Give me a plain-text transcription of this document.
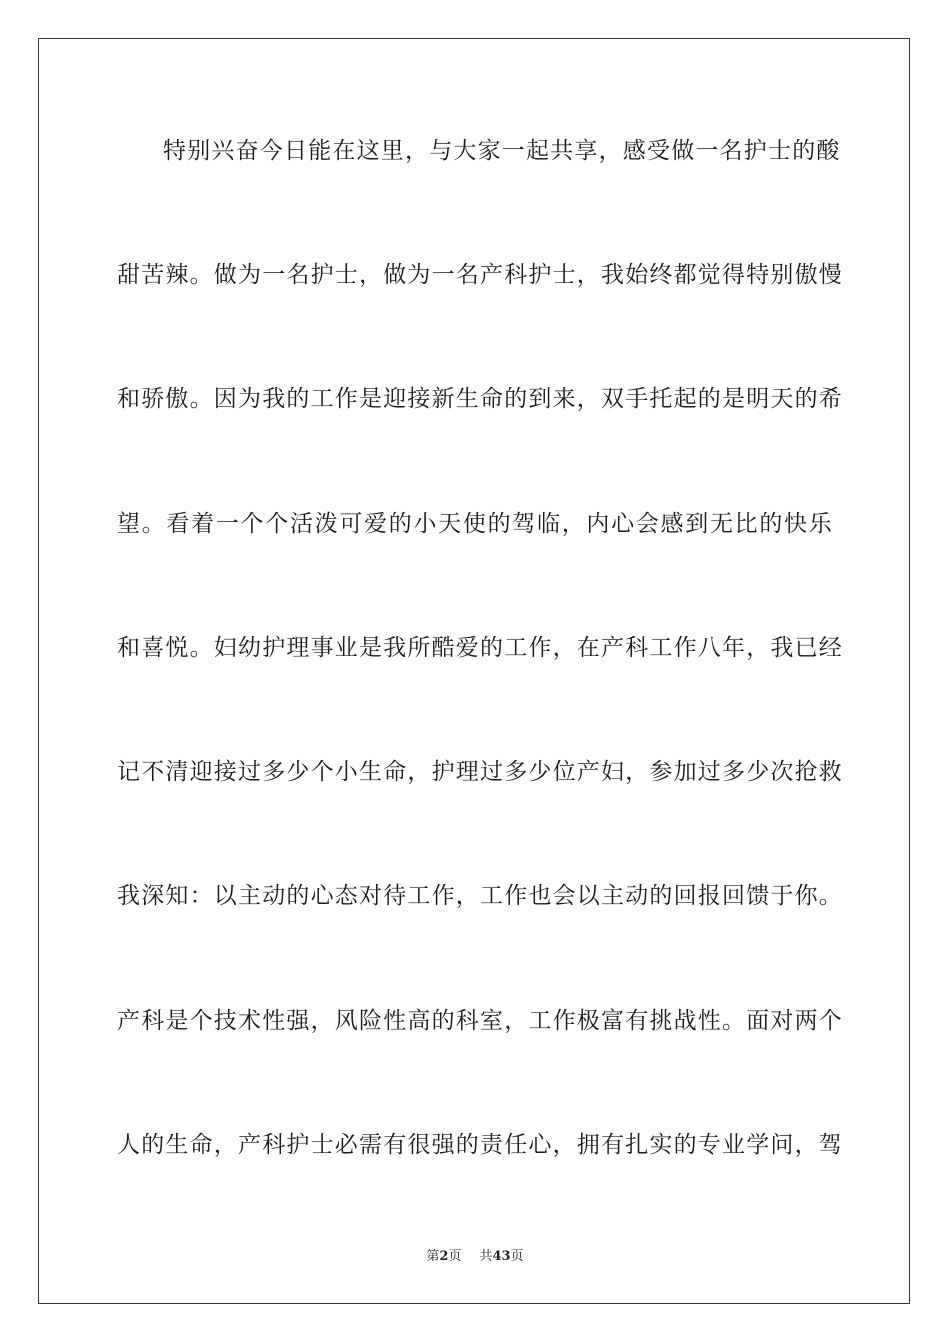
特别兴奋今日能在这里，与大家一起共享，感受做一名护士的酸
甜苦辣。做为一名护士，做为一名产科护士，我始终都觉得特别傲慢
和骄傲。因为我的工作是迎接新生命的到来，双手托起的是明天的希
望。看着一个个活泼可爱的小天使的驾临，内心会感到无比的快乐
和喜悦。妇幼护理事业是我所酷爱的工作，在产科工作八年，我已经
记不清迎接过多少个小生命，护理过多少位产妇，参加过多少次抢救
我深知：以主动的心态对待工作，工作也会以主动的回报回馈于你。
产科是个技术性强，风险性高的科室，工作极富有挑战性。面对两个
人的生命，产科护士必需有很强的责任心，拥有扎实的专业学问，驾
第2页 共43页
